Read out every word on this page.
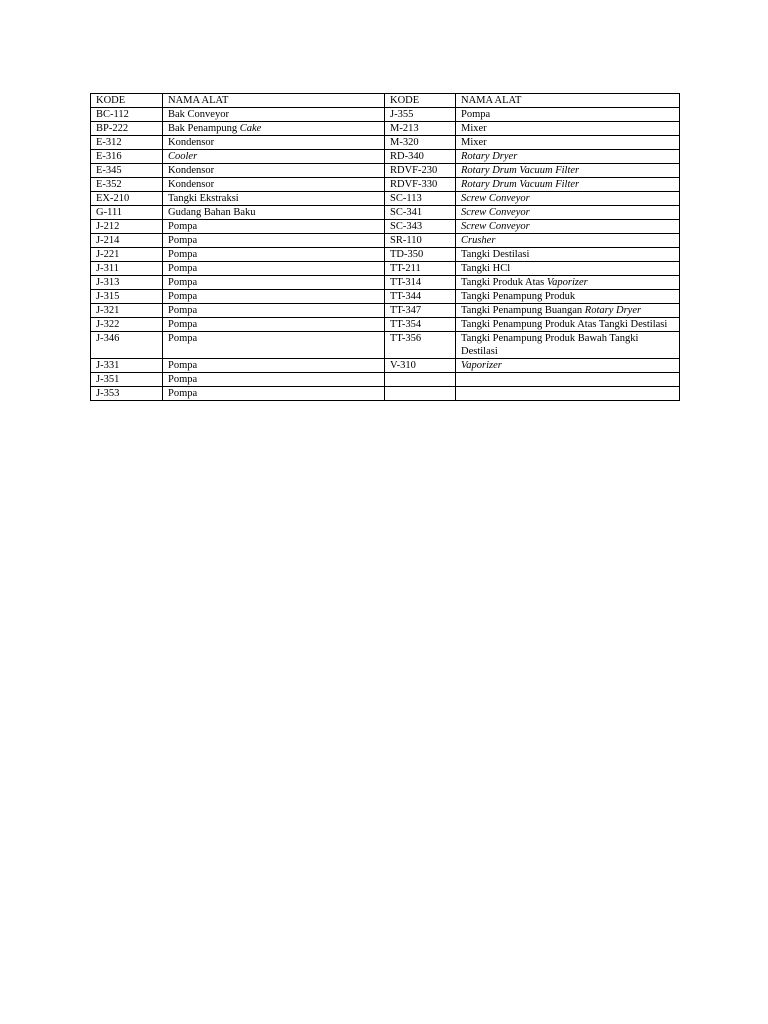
KODE	NAMA ALAT	KODE	NAMA ALAT
BC-112	Bak Conveyor	J-355	Pompa
BP-222	Bak Penampung Cake	M-213	Mixer
E-312	Kondensor	M-320	Mixer
E-316	Cooler	RD-340	Rotary Dryer
E-345	Kondensor	RDVF-230	Rotary Drum Vacuum Filter
E-352	Kondensor	RDVF-330	Rotary Drum Vacuum Filter
EX-210	Tangki Ekstraksi	SC-113	Screw Conveyor
G-111	Gudang Bahan Baku	SC-341	Screw Conveyor
J-212	Pompa	SC-343	Screw Conveyor
J-214	Pompa	SR-110	Crusher
J-221	Pompa	TD-350	Tangki Destilasi
J-311	Pompa	TT-211	Tangki HCl
J-313	Pompa	TT-314	Tangki Produk Atas Vaporizer
J-315	Pompa	TT-344	Tangki Penampung Produk
J-321	Pompa	TT-347	Tangki Penampung Buangan Rotary Dryer
J-322	Pompa	TT-354	Tangki Penampung Produk Atas Tangki Destilasi
J-346	Pompa	TT-356	Tangki Penampung Produk Bawah Tangki Destilasi
J-331	Pompa	V-310	Vaporizer
J-351	Pompa		
J-353	Pompa		
